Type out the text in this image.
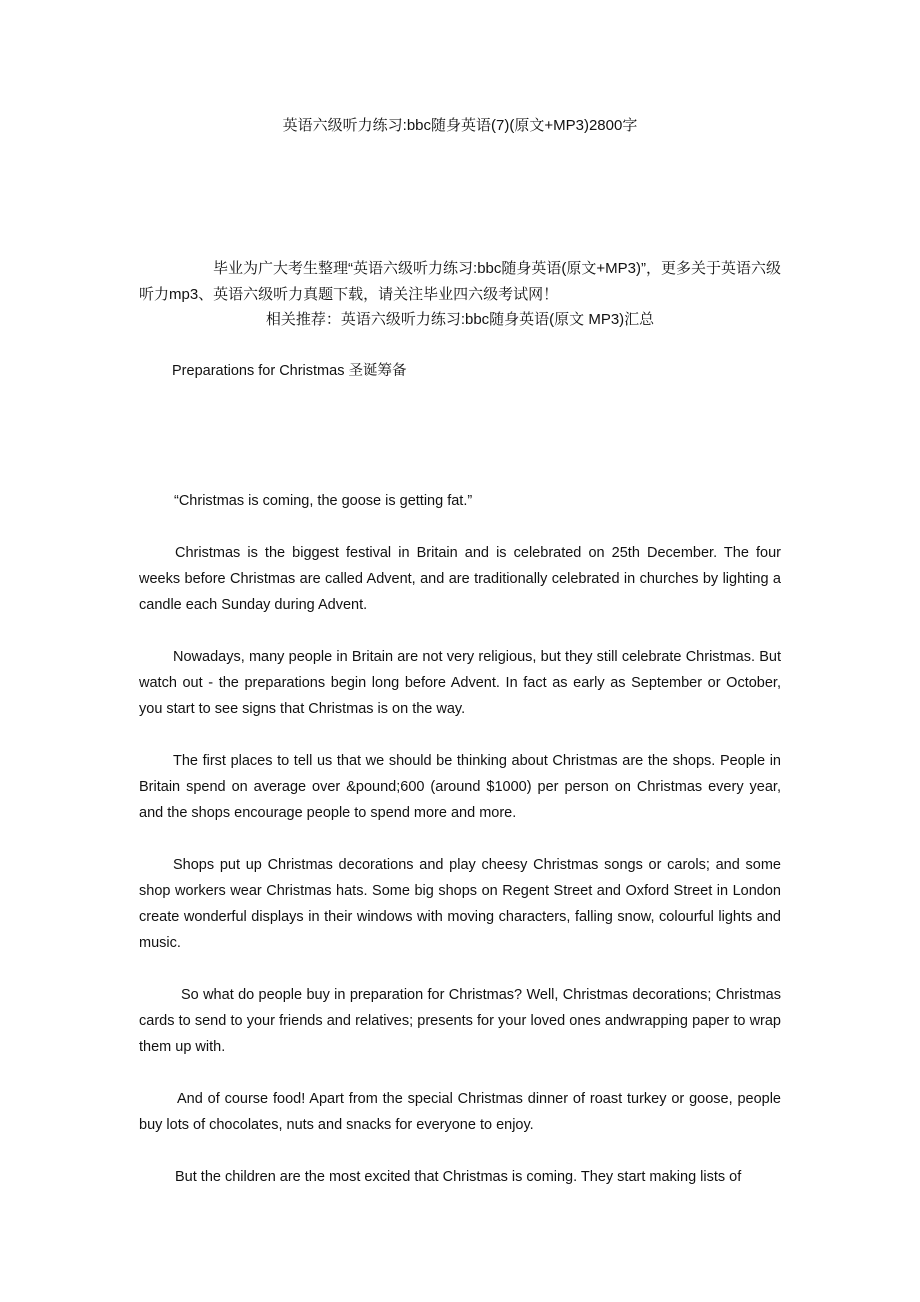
英语六级听力练习:bbc随身英语(7)(原文+MP3)2800字
毕业为广大考生整理“英语六级听力练习:bbc随身英语(原文+MP3)”，更多关于英语六级听力mp3、英语六级听力真题下载，请关注毕业四六级考试网！
相关推荐：英语六级听力练习:bbc随身英语(原文 MP3)汇总
Preparations for Christmas 圣诞筹备
“Christmas is coming, the goose is getting fat.”

Christmas is the biggest festival in Britain and is celebrated on 25th December. The four weeks before Christmas are called Advent, and are traditionally celebrated in churches by lighting a candle each Sunday during Advent.

Nowadays, many people in Britain are not very religious, but they still celebrate Christmas. But watch out - the preparations begin long before Advent. In fact as early as September or October, you start to see signs that Christmas is on the way.

The first places to tell us that we should be thinking about Christmas are the shops. People in Britain spend on average over &pound;600 (around $1000) per person on Christmas every year, and the shops encourage people to spend more and more.

Shops put up Christmas decorations and play cheesy Christmas songs or carols; and some shop workers wear Christmas hats. Some big shops on Regent Street and Oxford Street in London create wonderful displays in their windows with moving characters, falling snow, colourful lights and music.

So what do people buy in preparation for Christmas? Well, Christmas decorations; Christmas cards to send to your friends and relatives; presents for your loved ones andwrapping paper to wrap them up with.

And of course food! Apart from the special Christmas dinner of roast turkey or goose, people buy lots of chocolates, nuts and snacks for everyone to enjoy.

But the children are the most excited that Christmas is coming. They start making lists of
